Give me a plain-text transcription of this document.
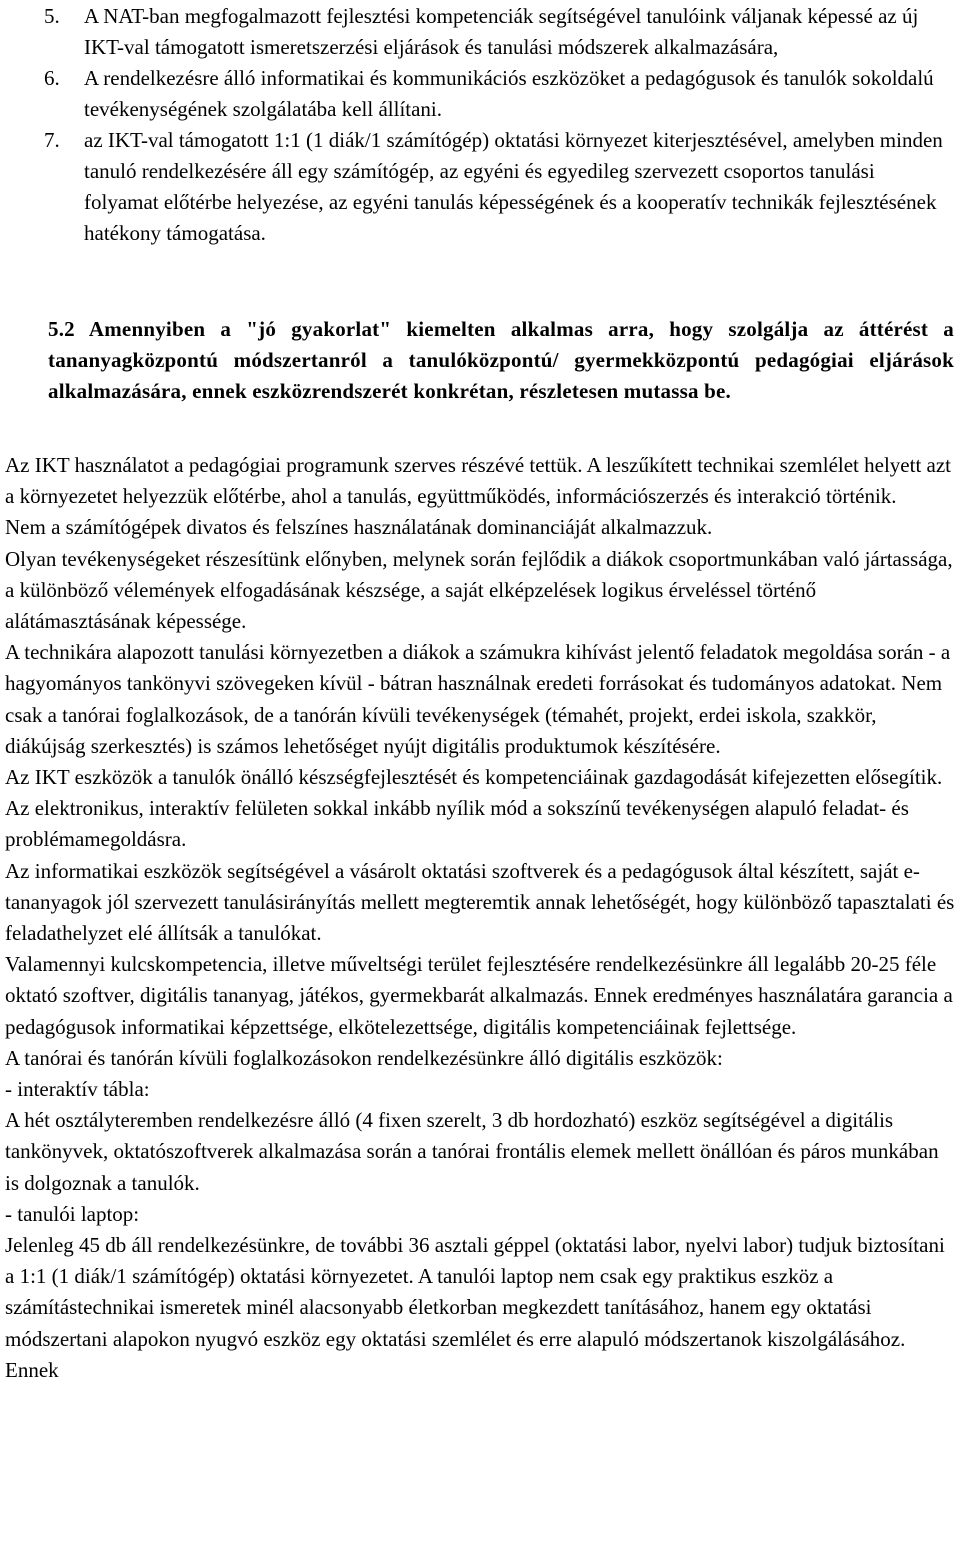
5. A NAT-ban megfogalmazott fejlesztési kompetenciák segítségével tanulóink váljanak képessé az új IKT-val támogatott ismeretszerzési eljárások és tanulási módszerek alkalmazására,

6. A rendelkezésre álló informatikai és kommunikációs eszközöket a pedagógusok és tanulók sokoldalú tevékenységének szolgálatába kell állítani.

7. az IKT-val támogatott 1:1 (1 diák/1 számítógép) oktatási környezet kiterjesztésével, amelyben minden tanuló rendelkezésére áll egy számítógép, az egyéni és egyedileg szervezett csoportos tanulási folyamat előtérbe helyezése, az egyéni tanulás képességének és a kooperatív technikák fejlesztésének hatékony támogatása.

5.2 Amennyiben a "jó gyakorlat" kiemelten alkalmas arra, hogy szolgálja az áttérést a tananyagközpontú módszertanról a tanulóközpontú/ gyermekközpontú pedagógiai eljárások alkalmazására, ennek eszközrendszerét konkrétan, részletesen mutassa be.

Az IKT használatot a pedagógiai programunk szerves részévé tettük. A leszűkített technikai szemlélet helyett azt a környezetet helyezzük előtérbe, ahol a tanulás, együttműködés, információszerzés és interakció történik.

Nem a számítógépek divatos és felszínes használatának dominanciáját alkalmazzuk.

Olyan tevékenységeket részesítünk előnyben, melynek során fejlődik a diákok csoportmunkában való jártassága, a különböző vélemények elfogadásának készsége, a saját elképzelések logikus érveléssel történő alátámasztásának képessége.

A technikára alapozott tanulási környezetben a diákok a számukra kihívást jelentő feladatok megoldása során - a hagyományos tankönyvi szövegeken kívül - bátran használnak eredeti forrásokat és tudományos adatokat. Nem csak a tanórai foglalkozások, de a tanórán kívüli tevékenységek (témahét, projekt, erdei iskola, szakkör, diákújság szerkesztés) is számos lehetőséget nyújt digitális produktumok készítésére.

Az IKT eszközök a tanulók önálló készségfejlesztését és kompetenciáinak gazdagodását kifejezetten elősegítik. Az elektronikus, interaktív felületen sokkal inkább nyílik mód a sokszínű tevékenységen alapuló feladat- és problémamegoldásra.

Az informatikai eszközök segítségével a vásárolt oktatási szoftverek és a pedagógusok által készített, saját e-tananyagok jól szervezett tanulásirányítás mellett megteremtik annak lehetőségét, hogy különböző tapasztalati és feladathelyzet elé állítsák a tanulókat.

Valamennyi kulcskompetencia, illetve műveltségi terület fejlesztésére rendelkezésünkre áll legalább 20-25 féle oktató szoftver, digitális tananyag, játékos, gyermekbarát alkalmazás. Ennek eredményes használatára garancia a pedagógusok informatikai képzettsége, elkötelezettsége, digitális kompetenciáinak fejlettsége.

A tanórai és tanórán kívüli foglalkozásokon rendelkezésünkre álló digitális eszközök:

- interaktív tábla:

A hét osztályteremben rendelkezésre álló (4 fixen szerelt, 3 db hordozható) eszköz segítségével a digitális tankönyvek, oktatószoftverek alkalmazása során a tanórai frontális elemek mellett önállóan és páros munkában is dolgoznak a tanulók.

- tanulói laptop:

Jelenleg 45 db áll rendelkezésünkre, de további 36 asztali géppel (oktatási labor, nyelvi labor) tudjuk biztosítani a 1:1 (1 diák/1 számítógép) oktatási környezetet. A tanulói laptop nem csak egy praktikus eszköz a számítástechnikai ismeretek minél alacsonyabb életkorban megkezdett tanításához, hanem egy oktatási módszertani alapokon nyugvó eszköz egy oktatási szemlélet és erre alapuló módszertanok kiszolgálásához. Ennek
